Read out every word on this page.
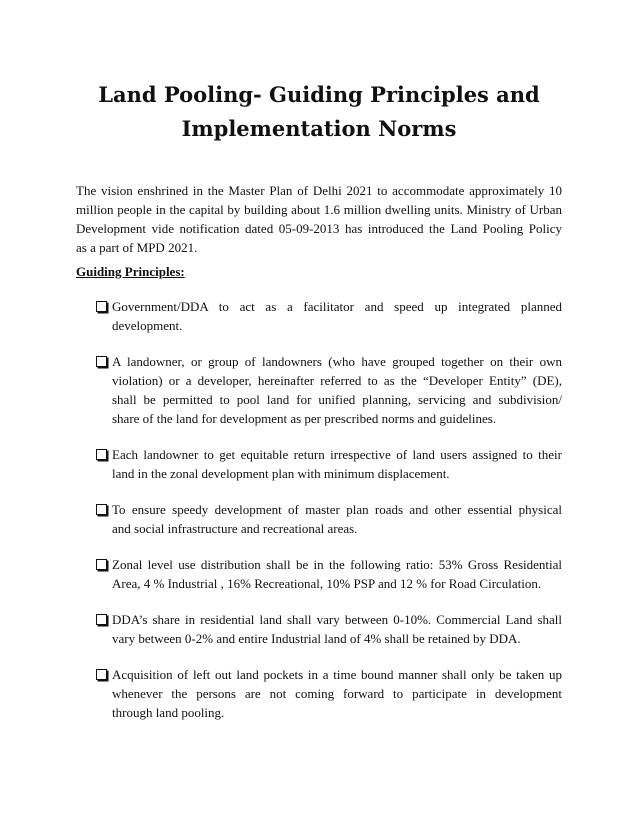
Land Pooling- Guiding Principles and
Implementation Norms

The vision enshrined in the Master Plan of Delhi 2021 to accommodate approximately 10
million people in the capital by building about 1.6 million dwelling units. Ministry of Urban
Development vide notification dated 05-09-2013 has introduced the Land Pooling Policy
as a part of MPD 2021.

Guiding Principles:
Government/DDA to act as a facilitator and speed up integrated planned
development.
A landowner, or group of landowners (who have grouped together on their own
violation) or a developer, hereinafter referred to as the “Developer Entity” (DE),
shall be permitted to pool land for unified planning, servicing and subdivision/
share of the land for development as per prescribed norms and guidelines.
Each landowner to get equitable return irrespective of land users assigned to their
land in the zonal development plan with minimum displacement.
To ensure speedy development of master plan roads and other essential physical
and social infrastructure and recreational areas.
Zonal level use distribution shall be in the following ratio: 53% Gross Residential
Area, 4 % Industrial , 16% Recreational, 10% PSP and 12 % for Road Circulation.
DDA’s share in residential land shall vary between 0-10%. Commercial Land shall
vary between 0-2% and entire Industrial land of 4% shall be retained by DDA.
Acquisition of left out land pockets in a time bound manner shall only be taken up
whenever the persons are not coming forward to participate in development
through land pooling.
